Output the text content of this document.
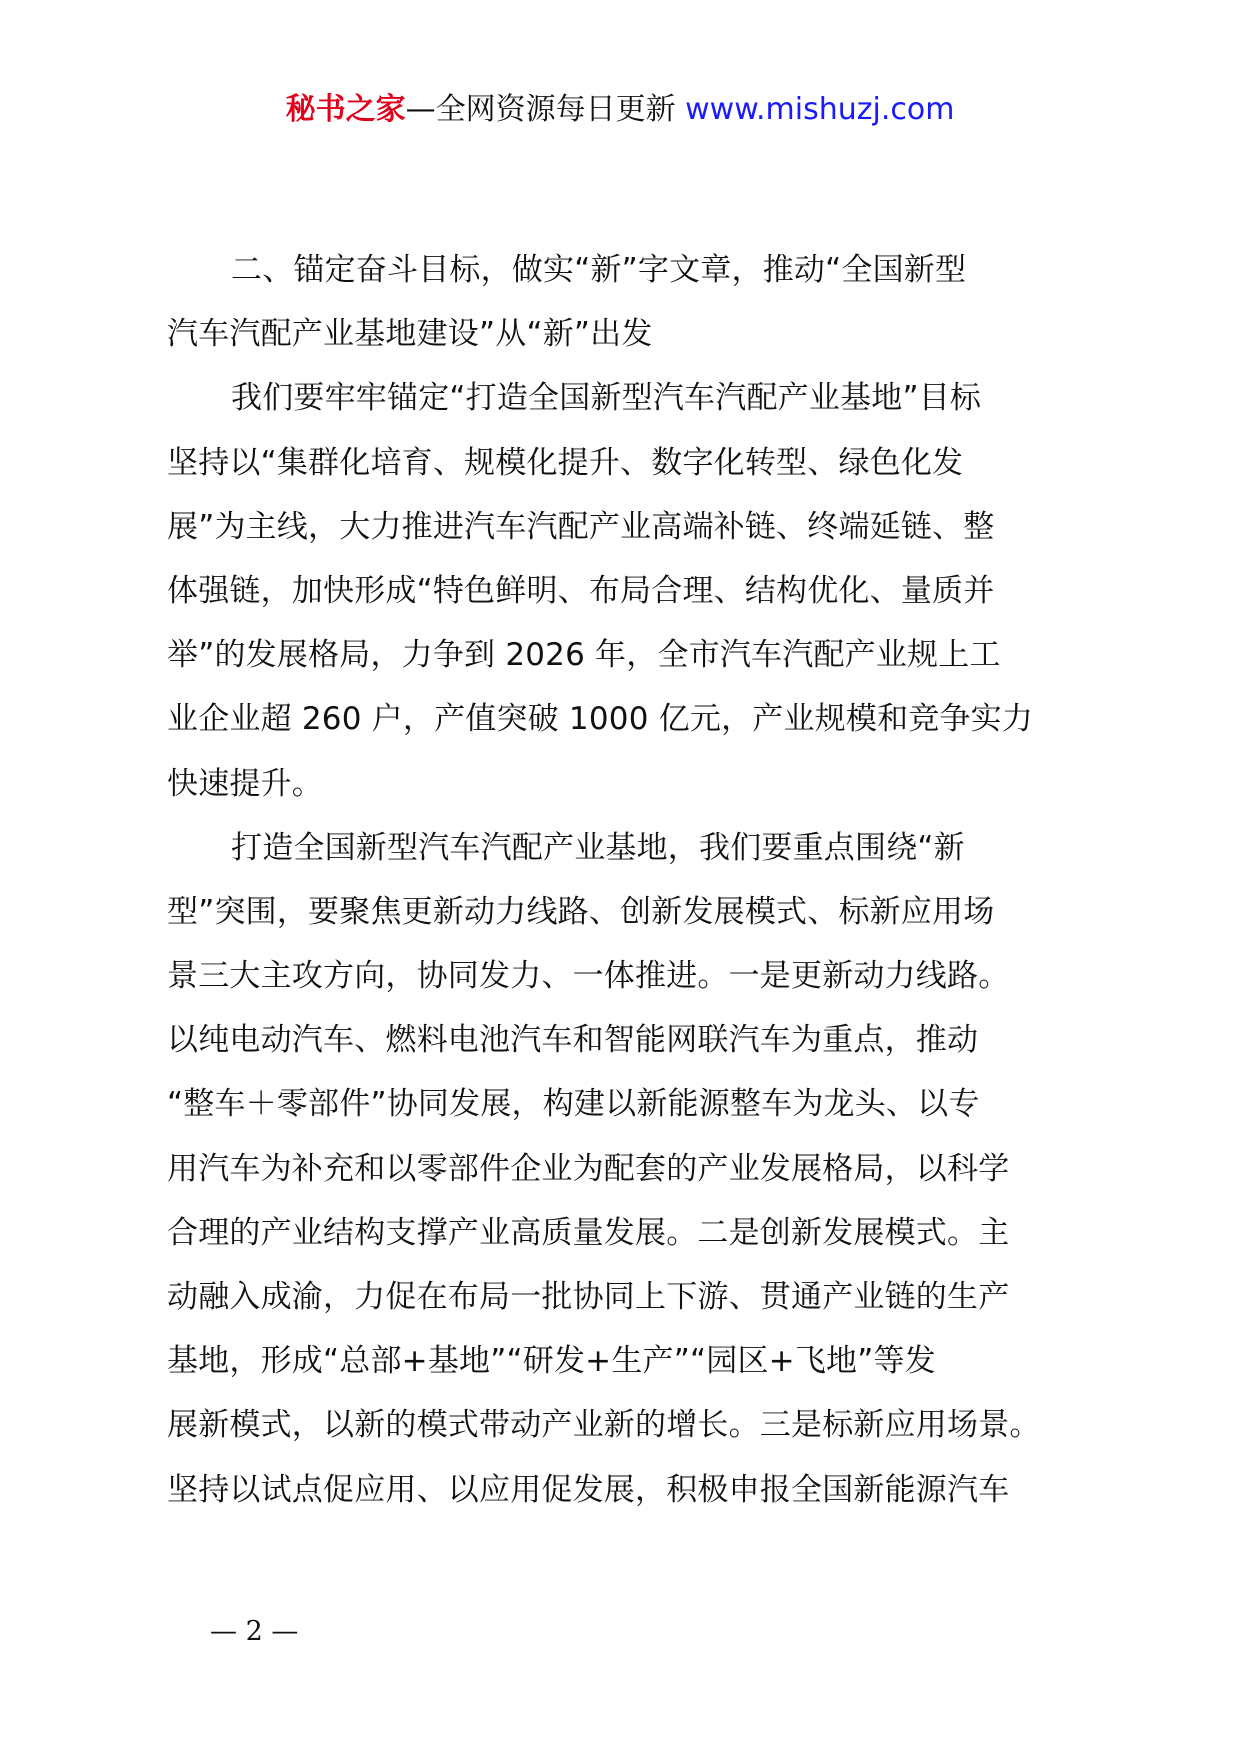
秘书之家—全网资源每日更新 www.mishuzj.com
二、锚定奋斗目标，做实“新”字文章，推动“全国新型
汽车汽配产业基地建设”从“新”出发
我们要牢牢锚定“打造全国新型汽车汽配产业基地”目标
坚持以“集群化培育、规模化提升、数字化转型、绿色化发
展”为主线，大力推进汽车汽配产业高端补链、终端延链、整
体强链，加快形成“特色鲜明、布局合理、结构优化、量质并
举”的发展格局，力争到 2026 年，全市汽车汽配产业规上工
业企业超 260 户，产值突破 1000 亿元，产业规模和竞争实力
快速提升。
打造全国新型汽车汽配产业基地，我们要重点围绕“新
型”突围，要聚焦更新动力线路、创新发展模式、标新应用场
景三大主攻方向，协同发力、一体推进。一是更新动力线路。
以纯电动汽车、燃料电池汽车和智能网联汽车为重点，推动
“整车＋零部件”协同发展，构建以新能源整车为龙头、以专
用汽车为补充和以零部件企业为配套的产业发展格局，以科学
合理的产业结构支撑产业高质量发展。二是创新发展模式。主
动融入成渝，力促在布局一批协同上下游、贯通产业链的生产
基地，形成“总部+基地”“研发+生产”“园区+飞地”等发
展新模式，以新的模式带动产业新的增长。三是标新应用场景。
坚持以试点促应用、以应用促发展，积极申报全国新能源汽车
— 2 —
